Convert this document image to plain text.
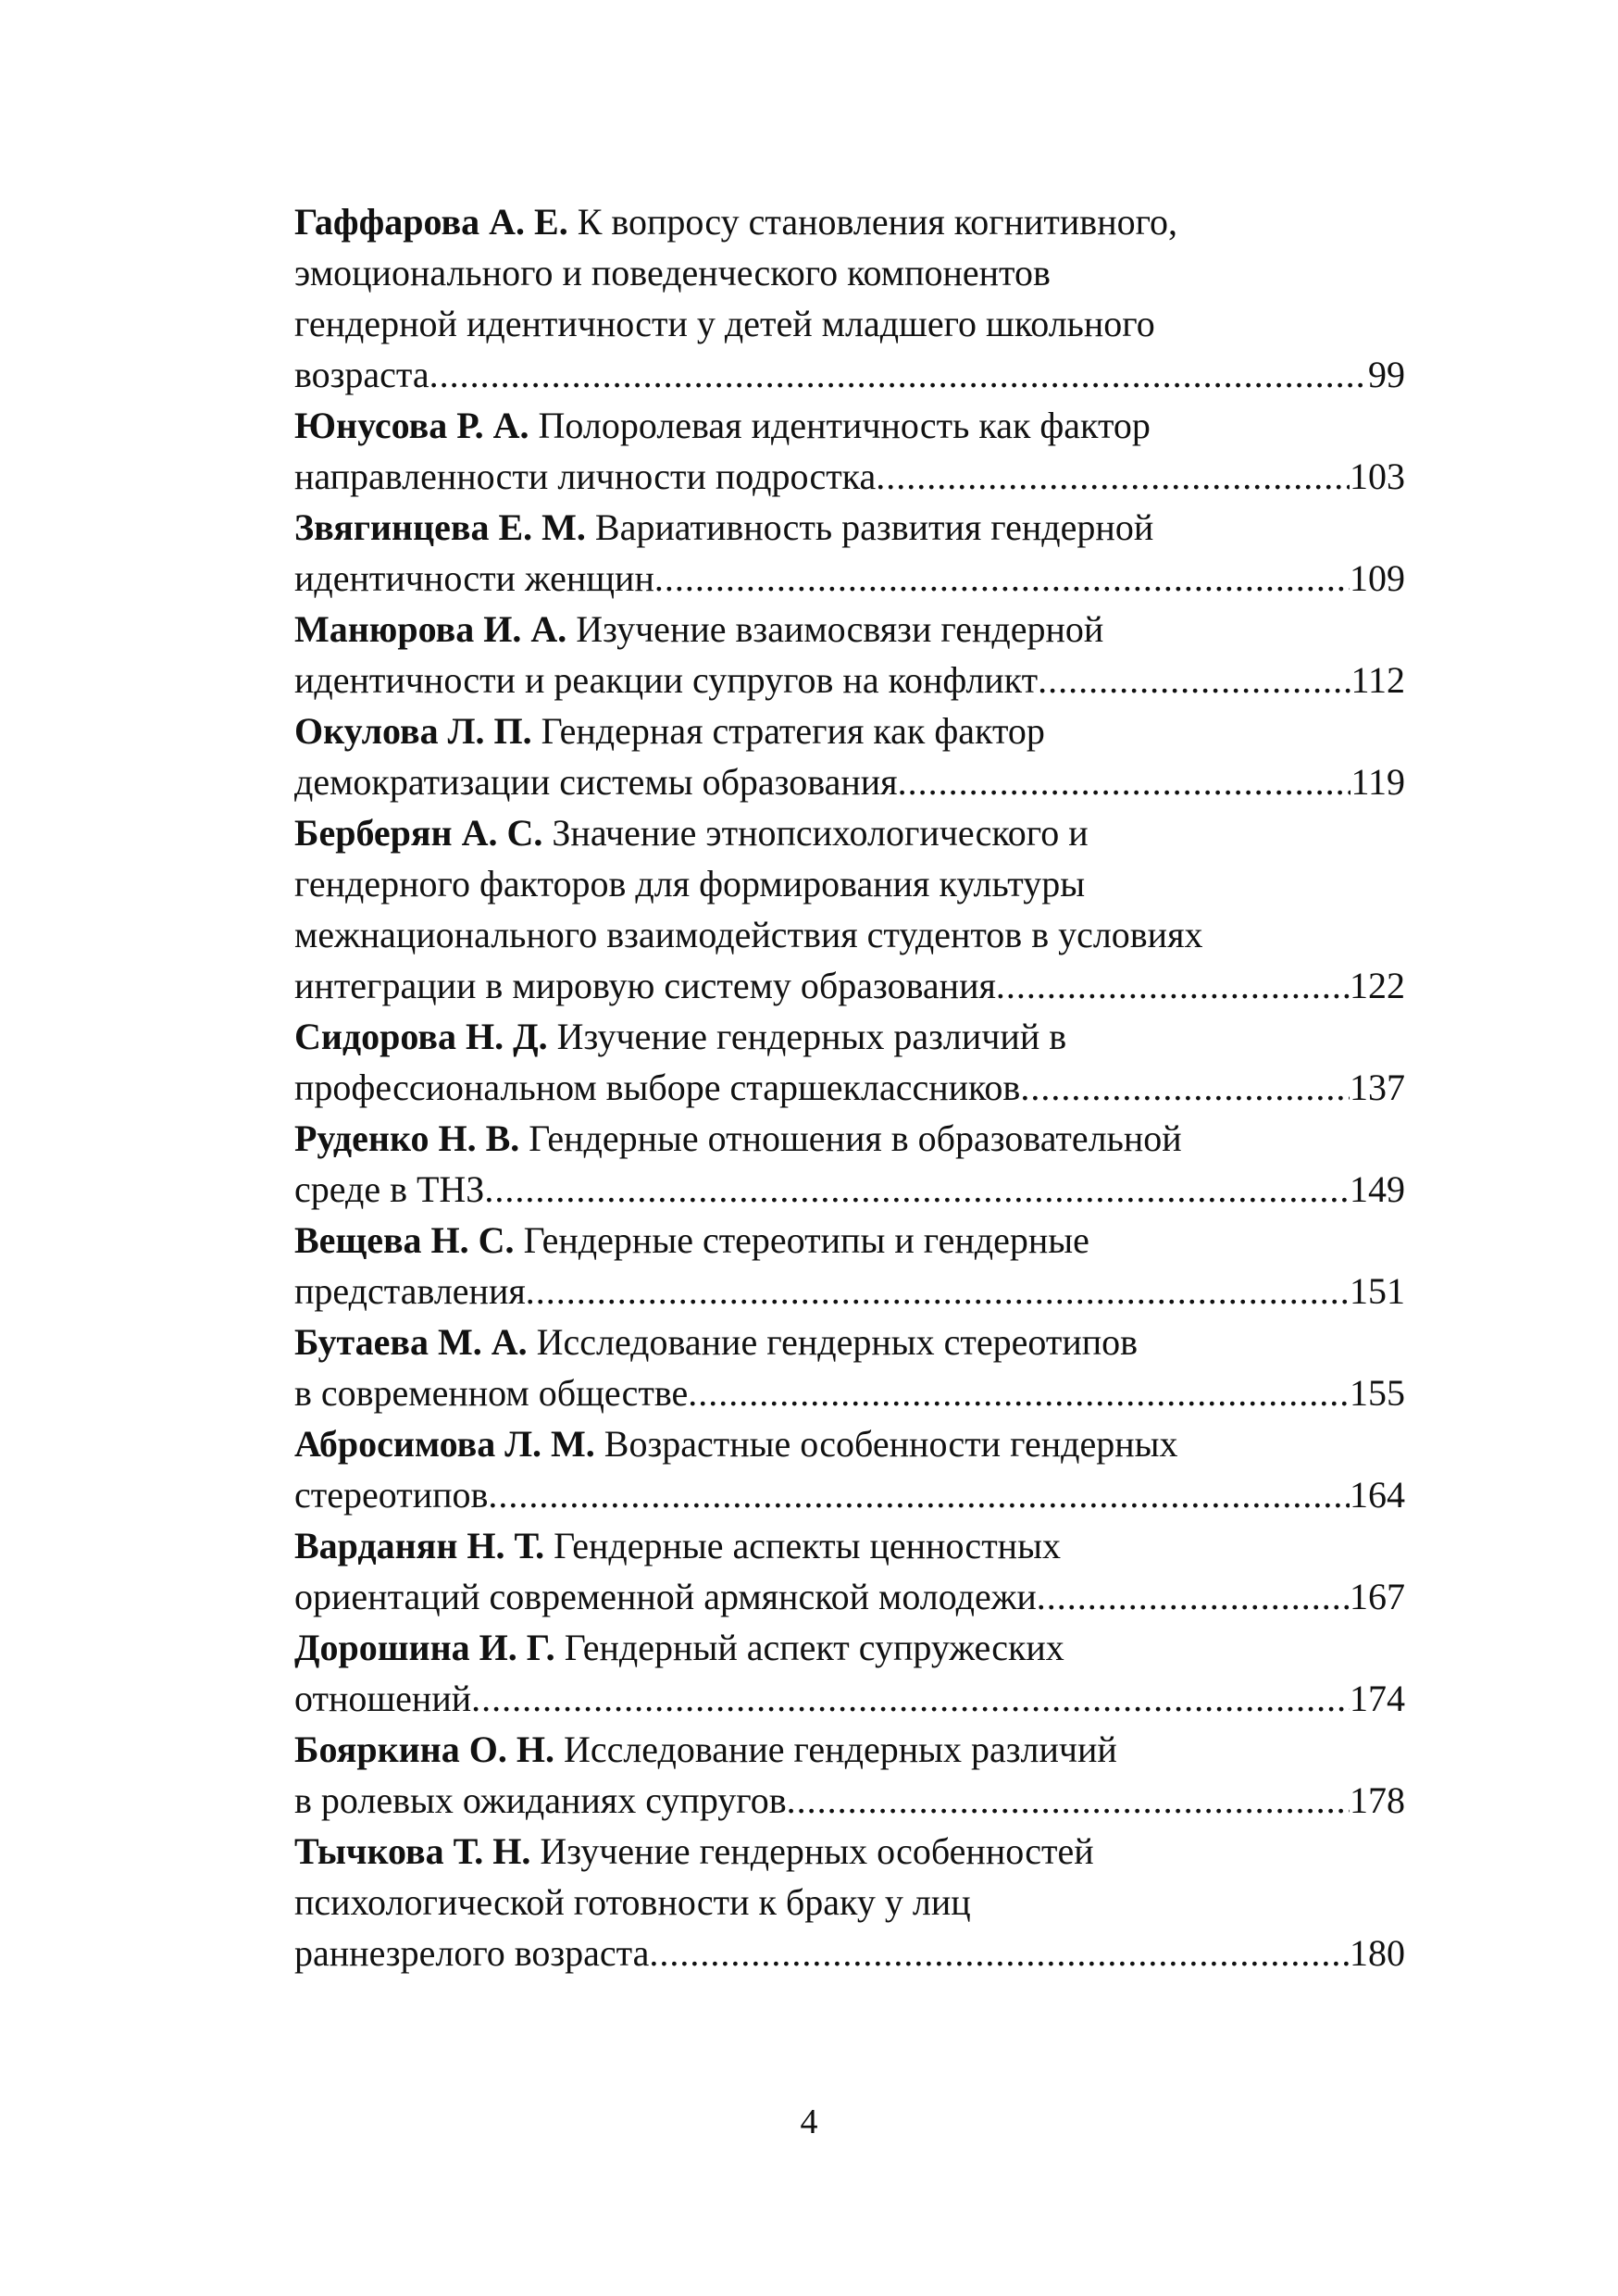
Гаффарова А. Е. К вопросу становления когнитивного,
эмоционального и поведенческого компонентов
гендерной идентичности у детей младшего школьного
возраста .....	99
Юнусова Р. А. Полоролевая идентичность как фактор
направленности личности подростка .....	103
Звягинцева Е. М. Вариативность развития гендерной
идентичности женщин .....	109
Манюрова И. А. Изучение взаимосвязи гендерной
идентичности и реакции супругов на конфликт .....	112
Окулова Л. П. Гендерная стратегия как фактор
демократизации системы образования .....	119
Берберян А. С. Значение этнопсихологического и
гендерного факторов для формирования культуры
межнационального взаимодействия студентов в условиях
интеграции в мировую систему образования .....	122
Сидорова Н. Д. Изучение гендерных различий в
профессиональном выборе старшеклассников .....	137
Руденко Н. В. Гендерные отношения в образовательной
среде в ТНЗ .....	149
Вещева Н. С. Гендерные стереотипы и гендерные
представления .....	151
Бутаева М. А. Исследование гендерных стереотипов
в современном обществе .....	155
Абросимова Л. М. Возрастные особенности гендерных
стереотипов .....	164
Варданян Н. Т. Гендерные аспекты ценностных
ориентаций современной армянской молодежи .....	167
Дорошина И. Г. Гендерный аспект супружеских
отношений .....	174
Бояркина О. Н. Исследование гендерных различий
в ролевых ожиданиях супругов .....	178
Тычкова Т. Н. Изучение гендерных особенностей
психологической готовности к браку у лиц
раннезрелого возраста .....	180
4
